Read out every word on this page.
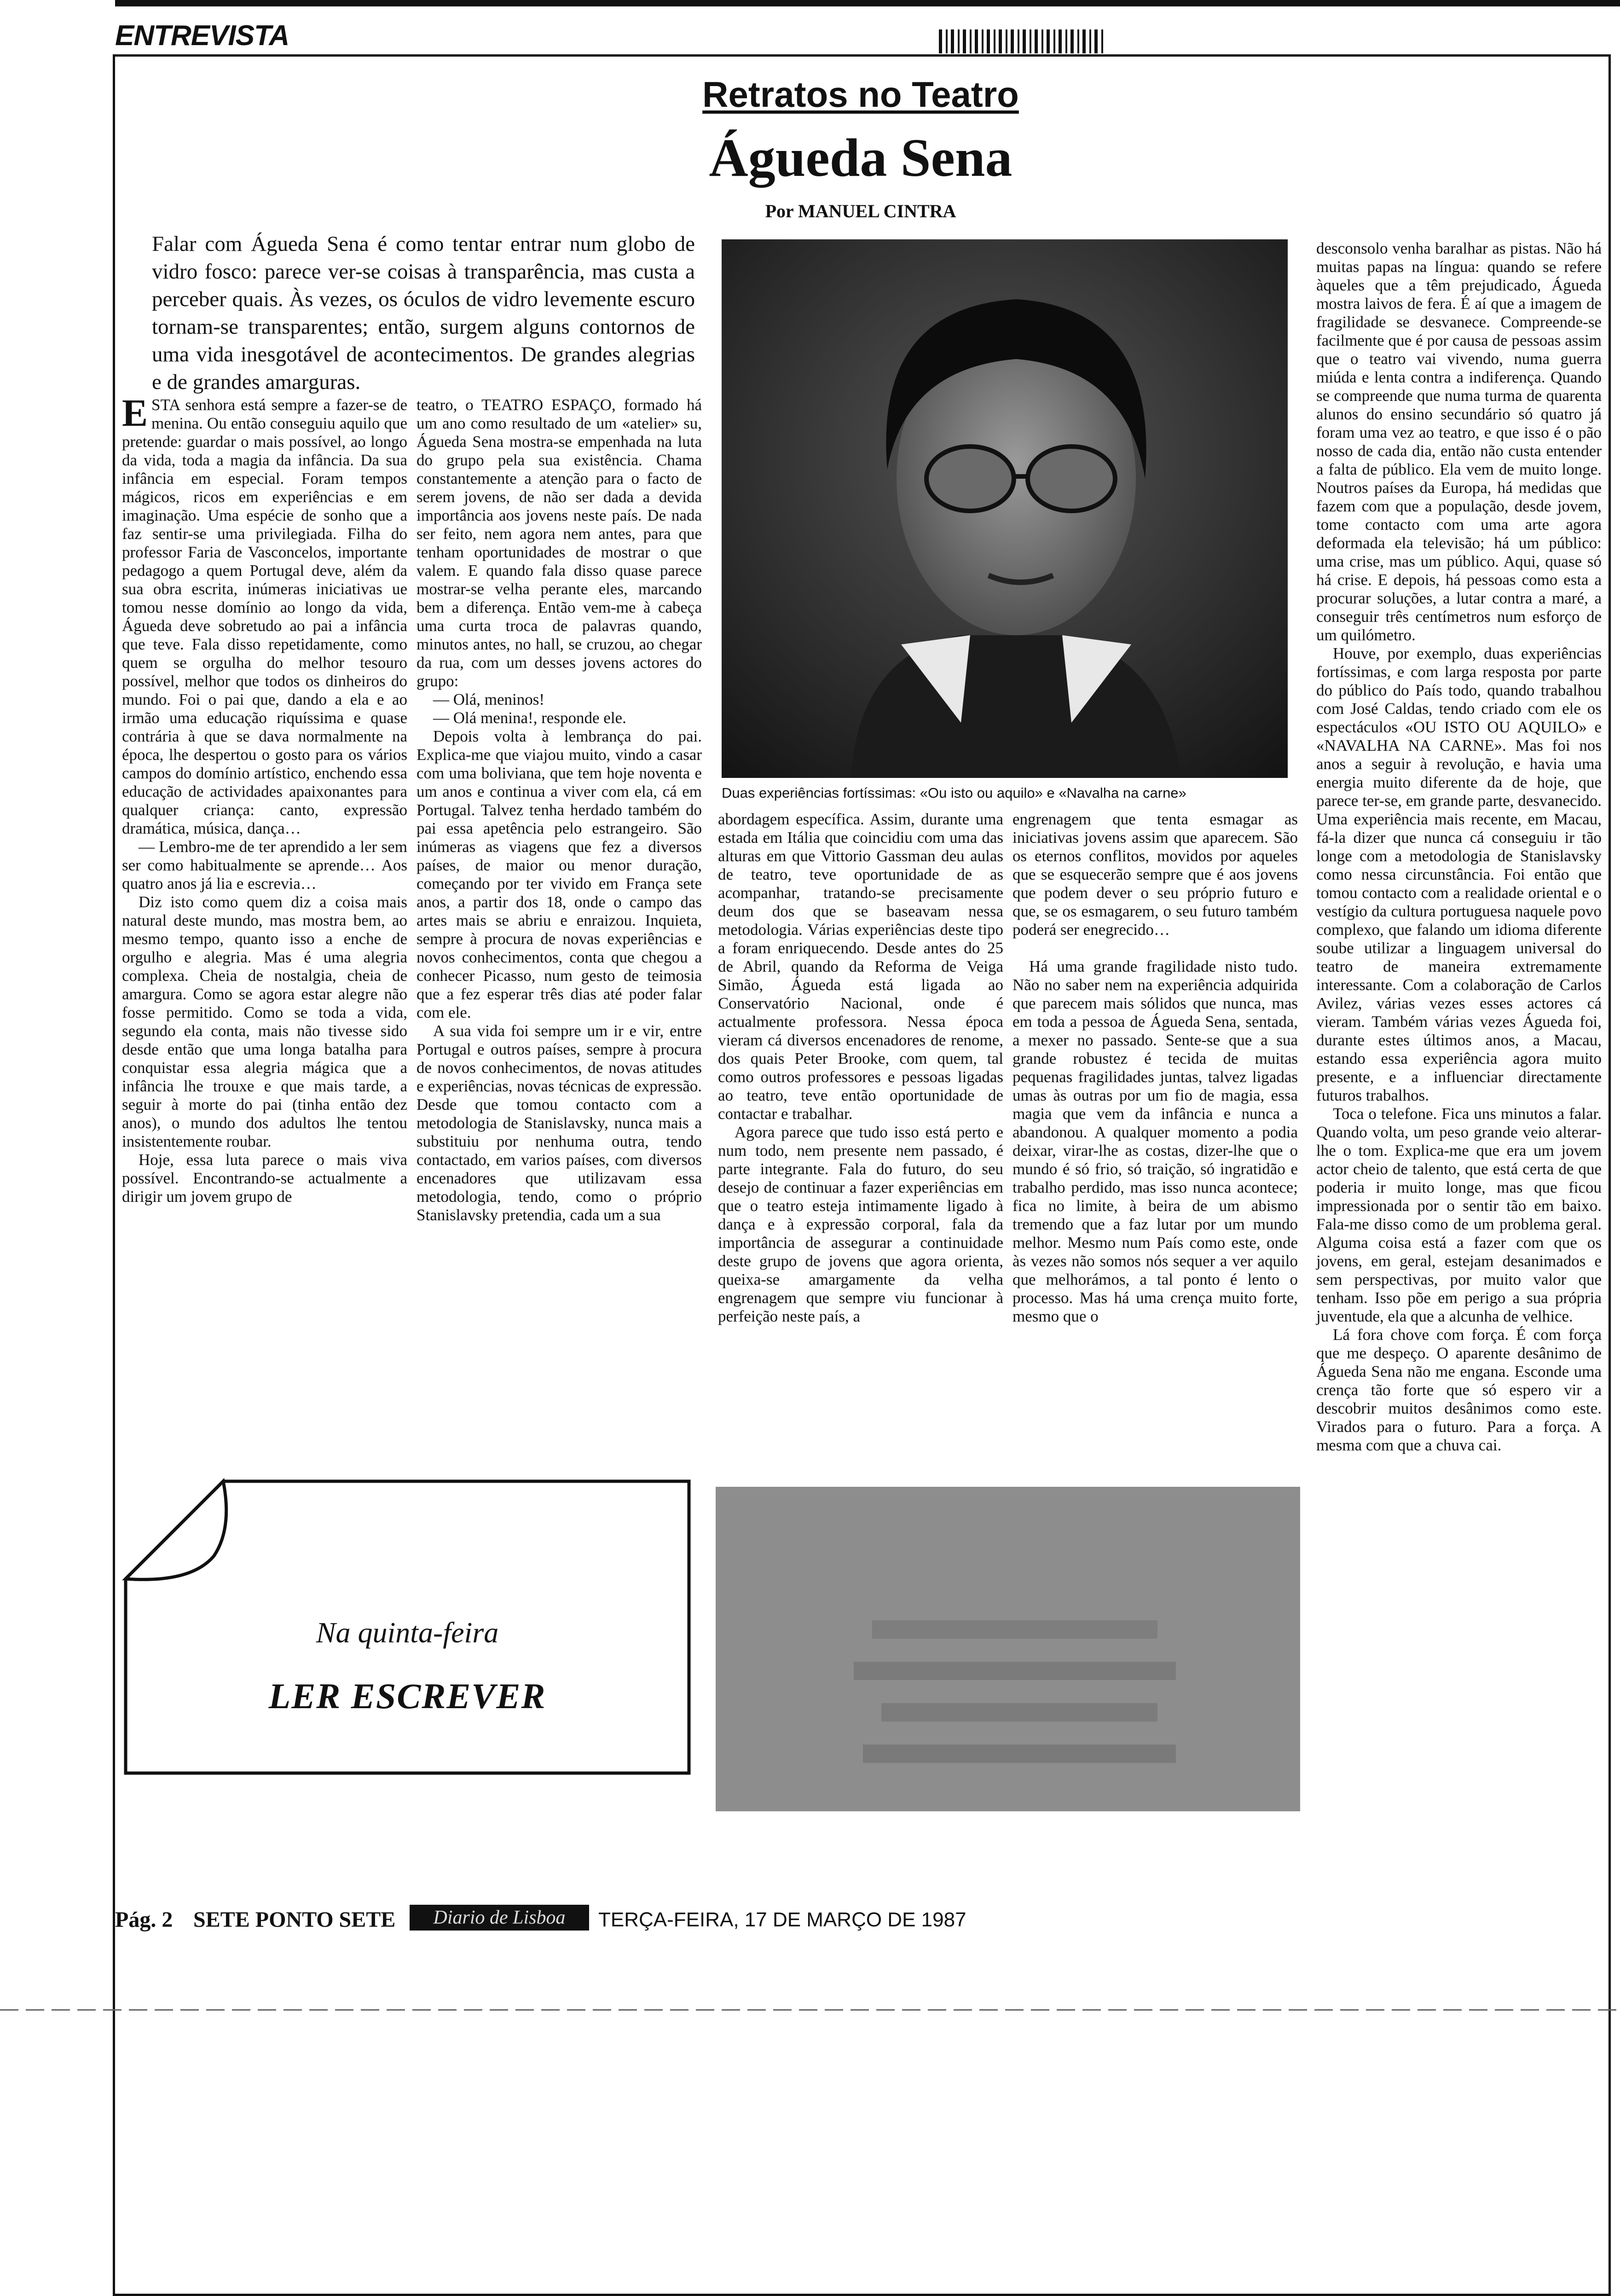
ENTREVISTA
Retratos no Teatro
Águeda Sena
Por MANUEL CINTRA
Falar com Águeda Sena é como tentar entrar num globo de vidro fosco: parece ver-se coisas à transparência, mas custa a perceber quais. Às vezes, os óculos de vidro levemente escuro tornam-se transparentes; então, surgem alguns contornos de uma vida inesgotável de acontecimentos. De grandes alegrias e de grandes amarguras.

ESTA senhora está sempre a fazer-se de menina. Ou então conseguiu aquilo que pretende: guardar o mais possível, ao longo da vida, toda a magia da infância. Da sua infância em especial. Foram tempos mágicos, ricos em experiências e em imaginação. Uma espécie de sonho que a faz sentir-se uma privilegiada. Filha do professor Faria de Vasconcelos, importante pedagogo a quem Portugal deve, além da sua obra escrita, inúmeras iniciativas ue tomou nesse domínio ao longo da vida, Águeda deve sobretudo ao pai a infância que teve. Fala disso repetidamente, como quem se orgulha do melhor tesouro possível, melhor que todos os dinheiros do mundo. Foi o pai que, dando a ela e ao irmão uma educação riquíssima e quase contrária à que se dava normalmente na época, lhe despertou o gosto para os vários campos do domínio artístico, enchendo essa educação de actividades apaixonantes para qualquer criança: canto, expressão dramática, música, dança…

— Lembro-me de ter aprendido a ler sem ser como habitualmente se aprende… Aos quatro anos já lia e escrevia…

Diz isto como quem diz a coisa mais natural deste mundo, mas mostra bem, ao mesmo tempo, quanto isso a enche de orgulho e alegria. Mas é uma alegria complexa. Cheia de nostalgia, cheia de amargura. Como se agora estar alegre não fosse permitido. Como se toda a vida, segundo ela conta, mais não tivesse sido desde então que uma longa batalha para conquistar essa alegria mágica que a infância lhe trouxe e que mais tarde, a seguir à morte do pai (tinha então dez anos), o mundo dos adultos lhe tentou insistentemente roubar.

Hoje, essa luta parece o mais viva possível. Encontrando-se actualmente a dirigir um jovem grupo de

teatro, o TEATRO ESPAÇO, formado há um ano como resultado de um «atelier» su, Águeda Sena mostra-se empenhada na luta do grupo pela sua existência. Chama constantemente a atenção para o facto de serem jovens, de não ser dada a devida importância aos jovens neste país. De nada ser feito, nem agora nem antes, para que tenham oportunidades de mostrar o que valem. E quando fala disso quase parece mostrar-se velha perante eles, marcando bem a diferença. Então vem-me à cabeça uma curta troca de palavras quando, minutos antes, no hall, se cruzou, ao chegar da rua, com um desses jovens actores do grupo:

— Olá, meninos!

— Olá menina!, responde ele.

Depois volta à lembrança do pai. Explica-me que viajou muito, vindo a casar com uma boliviana, que tem hoje noventa e um anos e continua a viver com ela, cá em Portugal. Talvez tenha herdado também do pai essa apetência pelo estrangeiro. São inúmeras as viagens que fez a diversos países, de maior ou menor duração, começando por ter vivido em França sete anos, a partir dos 18, onde o campo das artes mais se abriu e enraizou. Inquieta, sempre à procura de novas experiências e novos conhecimentos, conta que chegou a conhecer Picasso, num gesto de teimosia que a fez esperar três dias até poder falar com ele.

A sua vida foi sempre um ir e vir, entre Portugal e outros países, sempre à procura de novos conhecimentos, de novas atitudes e experiências, novas técnicas de expressão. Desde que tomou contacto com a metodologia de Stanislavsky, nunca mais a substituiu por nenhuma outra, tendo contactado, em varios países, com diversos encenadores que utilizavam essa metodologia, tendo, como o próprio Stanislavsky pretendia, cada um a sua

Duas experiências fortíssimas: «Ou isto ou aquilo» e «Navalha na carne»

abordagem específica. Assim, durante uma estada em Itália que coincidiu com uma das alturas em que Vittorio Gassman deu aulas de teatro, teve oportunidade de as acompanhar, tratando-se precisamente deum dos que se baseavam nessa metodologia. Várias experiências deste tipo a foram enriquecendo. Desde antes do 25 de Abril, quando da Reforma de Veiga Simão, Águeda está ligada ao Conservatório Nacional, onde é actualmente professora. Nessa época vieram cá diversos encenadores de renome, dos quais Peter Brooke, com quem, tal como outros professores e pessoas ligadas ao teatro, teve então oportunidade de contactar e trabalhar.

Agora parece que tudo isso está perto e num todo, nem presente nem passado, é parte integrante. Fala do futuro, do seu desejo de continuar a fazer experiências em que o teatro esteja intimamente ligado à dança e à expressão corporal, fala da importância de assegurar a continuidade deste grupo de jovens que agora orienta, queixa-se amargamente da velha engrenagem que sempre viu funcionar à perfeição neste país, a

engrenagem que tenta esmagar as iniciativas jovens assim que aparecem. São os eternos conflitos, movidos por aqueles que se esquecerão sempre que é aos jovens que podem dever o seu próprio futuro e que, se os esmagarem, o seu futuro também poderá ser enegrecido…

Há uma grande fragilidade nisto tudo. Não no saber nem na experiência adquirida que parecem mais sólidos que nunca, mas em toda a pessoa de Águeda Sena, sentada, a mexer no passado. Sente-se que a sua grande robustez é tecida de muitas pequenas fragilidades juntas, talvez ligadas umas às outras por um fio de magia, essa magia que vem da infância e nunca a abandonou. A qualquer momento a podia deixar, virar-lhe as costas, dizer-lhe que o mundo é só frio, só traição, só ingratidão e trabalho perdido, mas isso nunca acontece; fica no limite, à beira de um abismo tremendo que a faz lutar por um mundo melhor. Mesmo num País como este, onde às vezes não somos nós sequer a ver aquilo que melhorámos, a tal ponto é lento o processo. Mas há uma crença muito forte, mesmo que o

desconsolo venha baralhar as pistas. Não há muitas papas na língua: quando se refere àqueles que a têm prejudicado, Águeda mostra laivos de fera. É aí que a imagem de fragilidade se desvanece. Compreende-se facilmente que é por causa de pessoas assim que o teatro vai vivendo, numa guerra miúda e lenta contra a indiferença. Quando se compreende que numa turma de quarenta alunos do ensino secundário só quatro já foram uma vez ao teatro, e que isso é o pão nosso de cada dia, então não custa entender a falta de público. Ela vem de muito longe. Noutros países da Europa, há medidas que fazem com que a população, desde jovem, tome contacto com uma arte agora deformada ela televisão; há um público: uma crise, mas um público. Aqui, quase só há crise. E depois, há pessoas como esta a procurar soluções, a lutar contra a maré, a conseguir três centímetros num esforço de um quilómetro.

Houve, por exemplo, duas experiências fortíssimas, e com larga resposta por parte do público do País todo, quando trabalhou com José Caldas, tendo criado com ele os espectáculos «OU ISTO OU AQUILO» e «NAVALHA NA CARNE». Mas foi nos anos a seguir à revolução, e havia uma energia muito diferente da de hoje, que parece ter-se, em grande parte, desvanecido. Uma experiência mais recente, em Macau, fá-la dizer que nunca cá conseguiu ir tão longe com a metodologia de Stanislavsky como nessa circunstância. Foi então que tomou contacto com a realidade oriental e o vestígio da cultura portuguesa naquele povo complexo, que falando um idioma diferente soube utilizar a linguagem universal do teatro de maneira extremamente interessante. Com a colaboração de Carlos Avilez, várias vezes esses actores cá vieram. Também várias vezes Águeda foi, durante estes últimos anos, a Macau, estando essa experiência agora muito presente, e a influenciar directamente futuros trabalhos.

Toca o telefone. Fica uns minutos a falar. Quando volta, um peso grande veio alterar-lhe o tom. Explica-me que era um jovem actor cheio de talento, que está certa de que poderia ir muito longe, mas que ficou impressionada por o sentir tão em baixo. Fala-me disso como de um problema geral. Alguma coisa está a fazer com que os jovens, em geral, estejam desanimados e sem perspectivas, por muito valor que tenham. Isso põe em perigo a sua própria juventude, ela que a alcunha de velhice.

Lá fora chove com força. É com força que me despeço. O aparente desânimo de Águeda Sena não me engana. Esconde uma crença tão forte que só espero vir a descobrir muitos desânimos como este. Virados para o futuro. Para a força. A mesma com que a chuva cai.

Na quinta-feira
LER ESCREVER
Pág. 2 SETE PONTO SETE	Diario de Lisboa	TERÇA-FEIRA, 17 DE MARÇO DE 1987
